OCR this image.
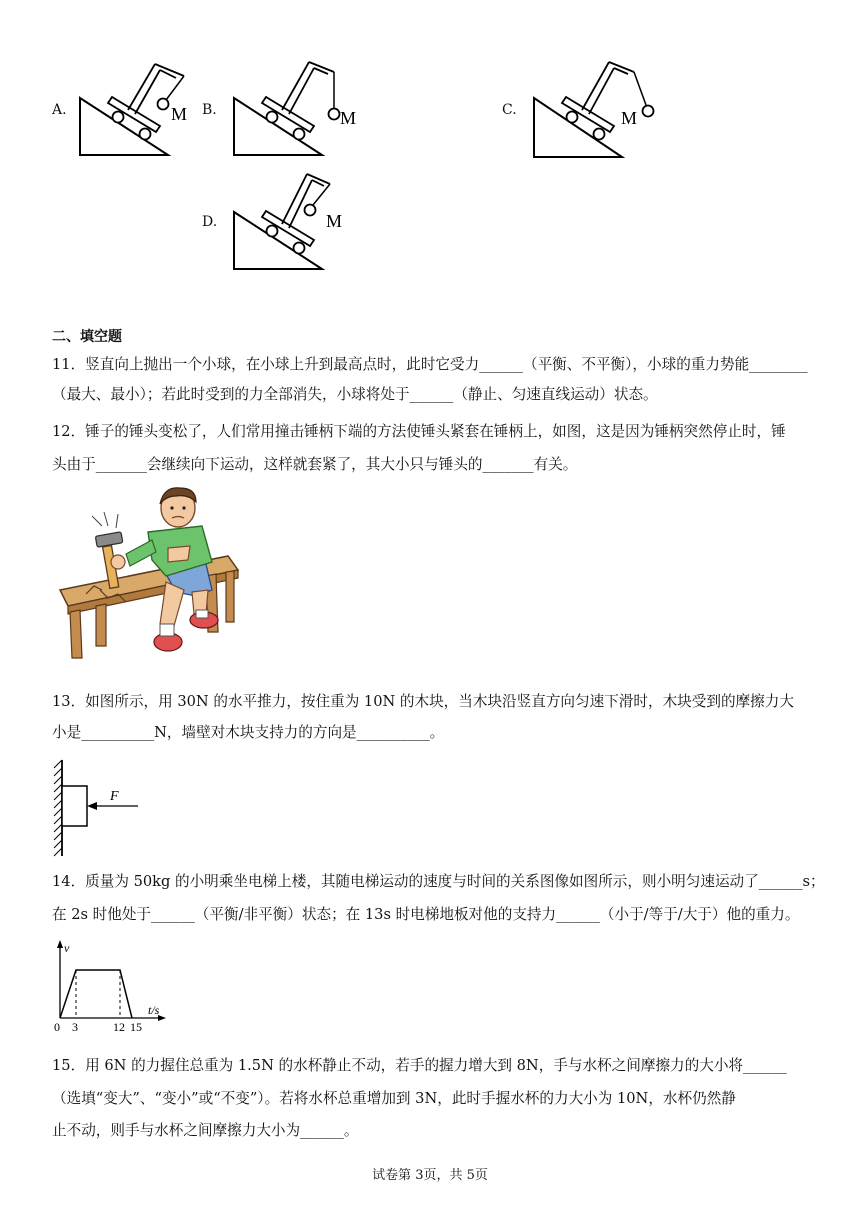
A.	M B.	M	C.	M
D.	M
二、填空题
11．竖直向上抛出一个小球，在小球上升到最高点时，此时它受力______（平衡、不平衡），小球的重力势能________
（最大、最小）；若此时受到的力全部消失，小球将处于______（静止、匀速直线运动）状态。
12．锤子的锤头变松了，人们常用撞击锤柄下端的方法使锤头紧套在锤柄上，如图，这是因为锤柄突然停止时，锤
头由于_______会继续向下运动，这样就套紧了，其大小只与锤头的_______有关。
13．如图所示，用 30N 的水平推力，按住重为 10N 的木块，当木块沿竖直方向匀速下滑时，木块受到的摩擦力大
小是__________N，墙壁对木块支持力的方向是__________。
F
14．质量为 50kg 的小明乘坐电梯上楼，其随电梯运动的速度与时间的关系图像如图所示，则小明匀速运动了______s；
在 2s 时他处于______（平衡/非平衡）状态；在 13s 时电梯地板对他的支持力______（小于/等于/大于）他的重力。
v
t/s
0 3	12 15
15．用 6N 的力握住总重为 1.5N 的水杯静止不动，若手的握力增大到 8N，手与水杯之间摩擦力的大小将______
（选填“变大”、“变小”或“不变”）。若将水杯总重增加到 3N，此时手握水杯的力大小为 10N，水杯仍然静
止不动，则手与水杯之间摩擦力大小为______。
试卷第 3页，共 5页
